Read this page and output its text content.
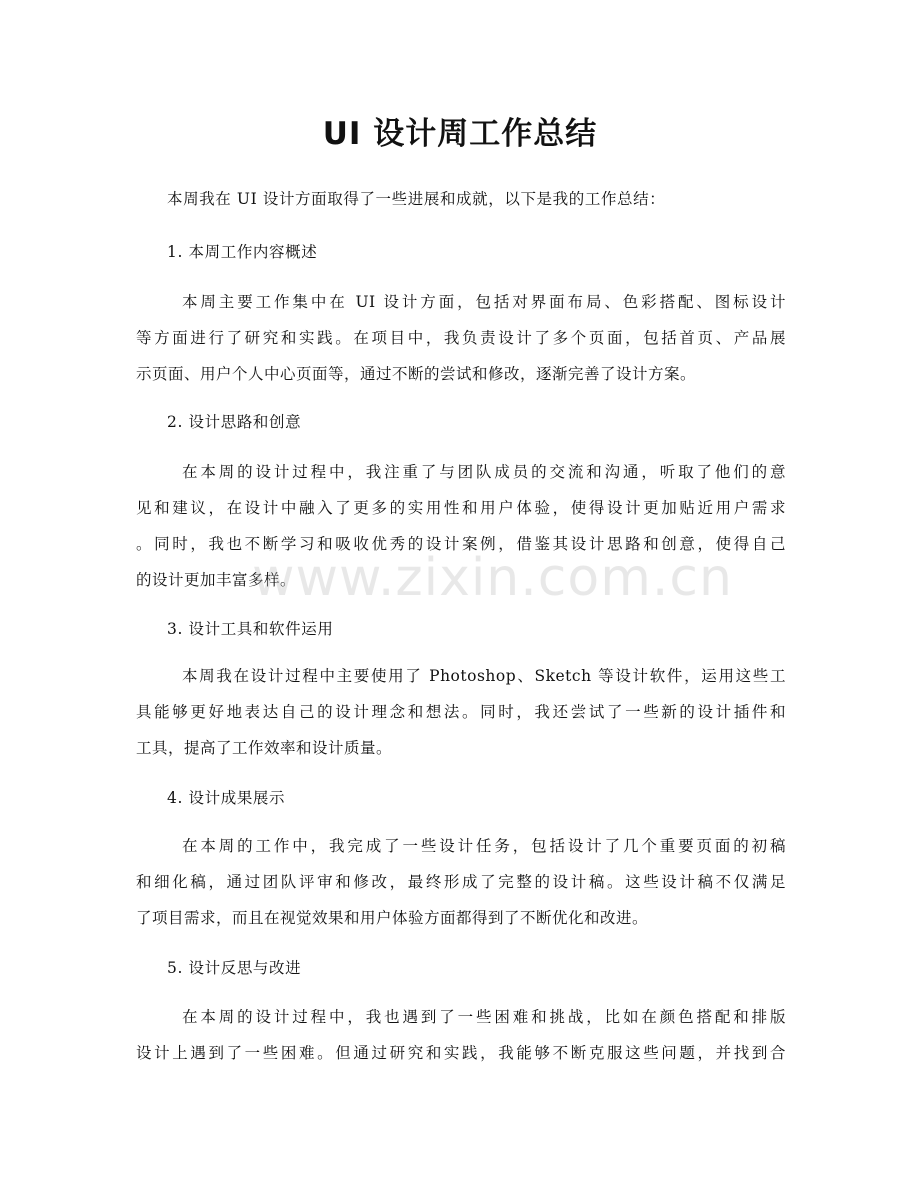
UI 设计周工作总结
本周我在 UI 设计方面取得了一些进展和成就，以下是我的工作总结：
1. 本周工作内容概述
本周主要工作集中在 UI 设计方面，包括对界面布局、色彩搭配、图标设计
等方面进行了研究和实践。在项目中，我负责设计了多个页面，包括首页、产品展
示页面、用户个人中心页面等，通过不断的尝试和修改，逐渐完善了设计方案。
2. 设计思路和创意
在本周的设计过程中，我注重了与团队成员的交流和沟通，听取了他们的意
见和建议，在设计中融入了更多的实用性和用户体验，使得设计更加贴近用户需求
。同时，我也不断学习和吸收优秀的设计案例，借鉴其设计思路和创意，使得自己
的设计更加丰富多样。
3. 设计工具和软件运用
本周我在设计过程中主要使用了 Photoshop、Sketch 等设计软件，运用这些工
具能够更好地表达自己的设计理念和想法。同时，我还尝试了一些新的设计插件和
工具，提高了工作效率和设计质量。
4. 设计成果展示
在本周的工作中，我完成了一些设计任务，包括设计了几个重要页面的初稿
和细化稿，通过团队评审和修改，最终形成了完整的设计稿。这些设计稿不仅满足
了项目需求，而且在视觉效果和用户体验方面都得到了不断优化和改进。
5. 设计反思与改进
在本周的设计过程中，我也遇到了一些困难和挑战，比如在颜色搭配和排版
设计上遇到了一些困难。但通过研究和实践，我能够不断克服这些问题，并找到合
www.zixin.com.cn
